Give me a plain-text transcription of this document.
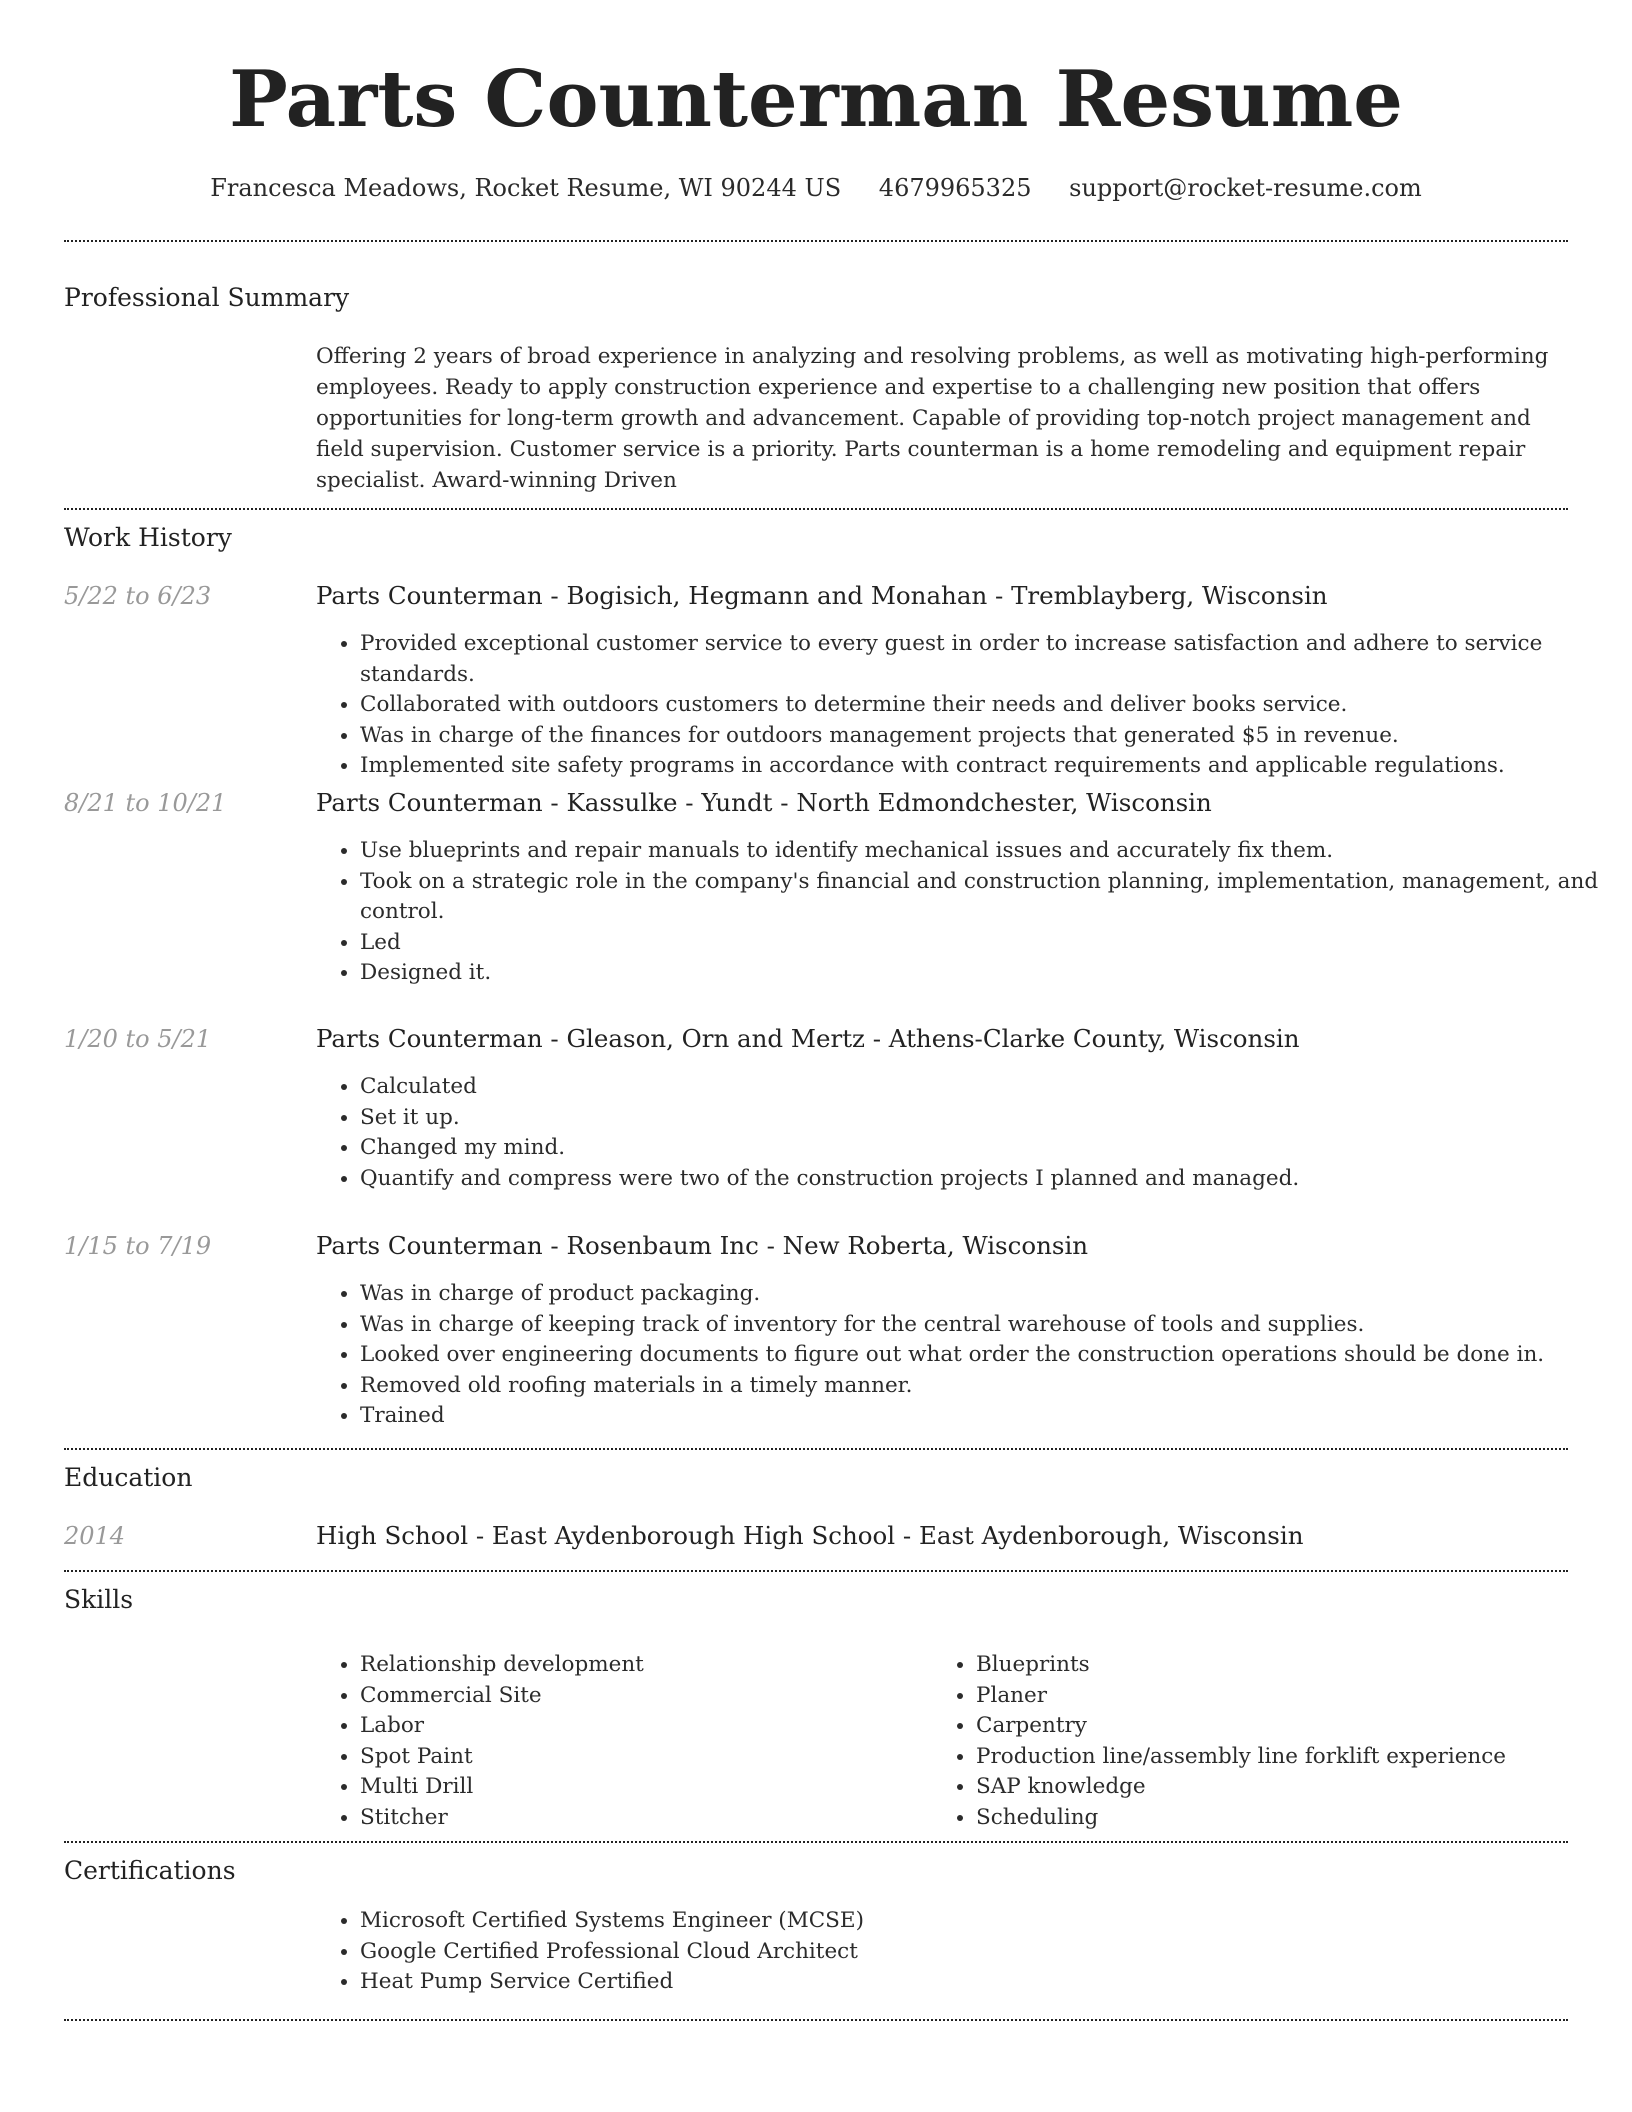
Parts Counterman Resume
Francesca Meadows, Rocket Resume, WI 90244 US 4679965325 support@rocket-resume.com
Professional Summary

Offering 2 years of broad experience in analyzing and resolving problems, as well as motivating high-performing employees. Ready to apply construction experience and expertise to a challenging new position that offers opportunities for long-term growth and advancement. Capable of providing top-notch project management and field supervision. Customer service is a priority. Parts counterman is a home remodeling and equipment repair specialist. Award-winning Driven

Work History
5/22 to 6/23	Parts Counterman - Bogisich, Hegmann and Monahan - Tremblayberg, Wisconsin
• Provided exceptional customer service to every guest in order to increase satisfaction and adhere to service standards.
• Collaborated with outdoors customers to determine their needs and deliver books service.
• Was in charge of the finances for outdoors management projects that generated $5 in revenue.
• Implemented site safety programs in accordance with contract requirements and applicable regulations.
8/21 to 10/21	Parts Counterman - Kassulke - Yundt - North Edmondchester, Wisconsin
• Use blueprints and repair manuals to identify mechanical issues and accurately fix them.
• Took on a strategic role in the company's financial and construction planning, implementation, management, and control.
• Led
• Designed it.
1/20 to 5/21	Parts Counterman - Gleason, Orn and Mertz - Athens-Clarke County, Wisconsin
• Calculated
• Set it up.
• Changed my mind.
• Quantify and compress were two of the construction projects I planned and managed.
1/15 to 7/19	Parts Counterman - Rosenbaum Inc - New Roberta, Wisconsin
• Was in charge of product packaging.
• Was in charge of keeping track of inventory for the central warehouse of tools and supplies.
• Looked over engineering documents to figure out what order the construction operations should be done in.
• Removed old roofing materials in a timely manner.
• Trained
Education
2014	High School - East Aydenborough High School - East Aydenborough, Wisconsin
Skills
• Relationship development
• Commercial Site
• Labor
• Spot Paint
• Multi Drill
• Stitcher
• Blueprints
• Planer
• Carpentry
• Production line/assembly line forklift experience
• SAP knowledge
• Scheduling
Certifications
• Microsoft Certified Systems Engineer (MCSE)
• Google Certified Professional Cloud Architect
• Heat Pump Service Certified
